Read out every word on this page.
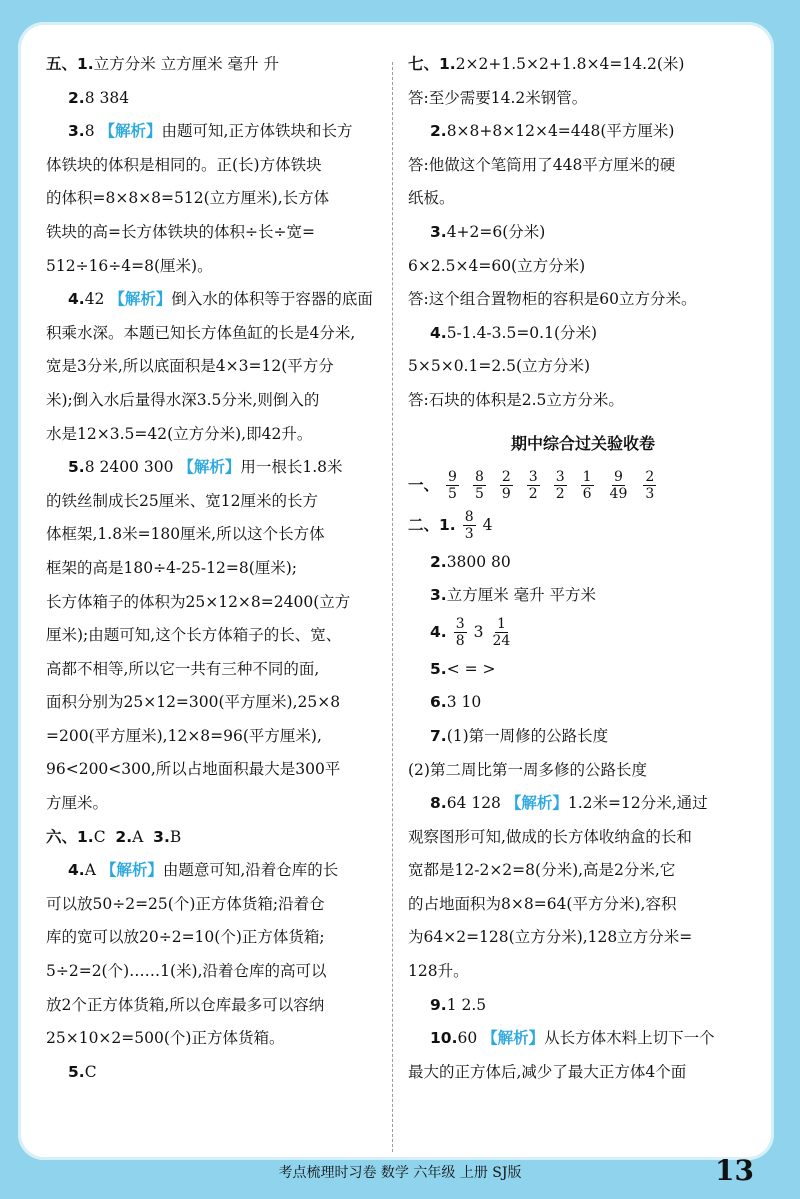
五、1.立方分米 立方厘米 毫升 升
2.8 384
3.8 【解析】由题可知,正方体铁块和长方
体铁块的体积是相同的。正(长)方体铁块
的体积=8×8×8=512(立方厘米),长方体
铁块的高=长方体铁块的体积÷长÷宽=
512÷16÷4=8(厘米)。
4.42 【解析】倒入水的体积等于容器的底面
积乘水深。本题已知长方体鱼缸的长是4分米,
宽是3分米,所以底面积是4×3=12(平方分
米);倒入水后量得水深3.5分米,则倒入的
水是12×3.5=42(立方分米),即42升。
5.8 2400 300 【解析】用一根长1.8米
的铁丝制成长25厘米、宽12厘米的长方
体框架,1.8米=180厘米,所以这个长方体
框架的高是180÷4-25-12=8(厘米);
长方体箱子的体积为25×12×8=2400(立方
厘米);由题可知,这个长方体箱子的长、宽、
高都不相等,所以它一共有三种不同的面,
面积分别为25×12=300(平方厘米),25×8
=200(平方厘米),12×8=96(平方厘米),
96<200<300,所以占地面积最大是300平
方厘米。
六、1.C 2.A 3.B
4.A 【解析】由题意可知,沿着仓库的长
可以放50÷2=25(个)正方体货箱;沿着仓
库的宽可以放20÷2=10(个)正方体货箱;
5÷2=2(个)……1(米),沿着仓库的高可以
放2个正方体货箱,所以仓库最多可以容纳
25×10×2=500(个)正方体货箱。
5.C
七、1.2×2+1.5×2+1.8×4=14.2(米)
答:至少需要14.2米钢管。
2.8×8+8×12×4=448(平方厘米)
答:他做这个笔筒用了448平方厘米的硬
纸板。
3.4+2=6(分米)
6×2.5×4=60(立方分米)
答:这个组合置物柜的容积是60立方分米。
4.5-1.4-3.5=0.1(分米)
5×5×0.1=2.5(立方分米)
答:石块的体积是2.5立方分米。
期中综合过关验收卷
一、 $\frac{9}{5} \frac{8}{5} \frac{2}{9} \frac{3}{2} \frac{3}{2} \frac{1}{6} \frac{9}{49} \frac{2}{3}$
二、1. $\frac{8}{3} 4$
2.3800 80
3.立方厘米 毫升 平方米
4. $\frac{3}{8} 3 \frac{1}{24}$
5.< = >
6.3 10
7.(1)第一周修的公路长度
(2)第二周比第一周多修的公路长度
8.64 128 【解析】1.2米=12分米,通过
观察图形可知,做成的长方体收纳盒的长和
宽都是12-2×2=8(分米),高是2分米,它
的占地面积为8×8=64(平方分米),容积
为64×2=128(立方分米),128立方分米=
128升。
9.1 2.5
10.60 【解析】从长方体木料上切下一个
最大的正方体后,减少了最大正方体4个面
考点梳理时习卷 数学 六年级 上册 SJ版	13
